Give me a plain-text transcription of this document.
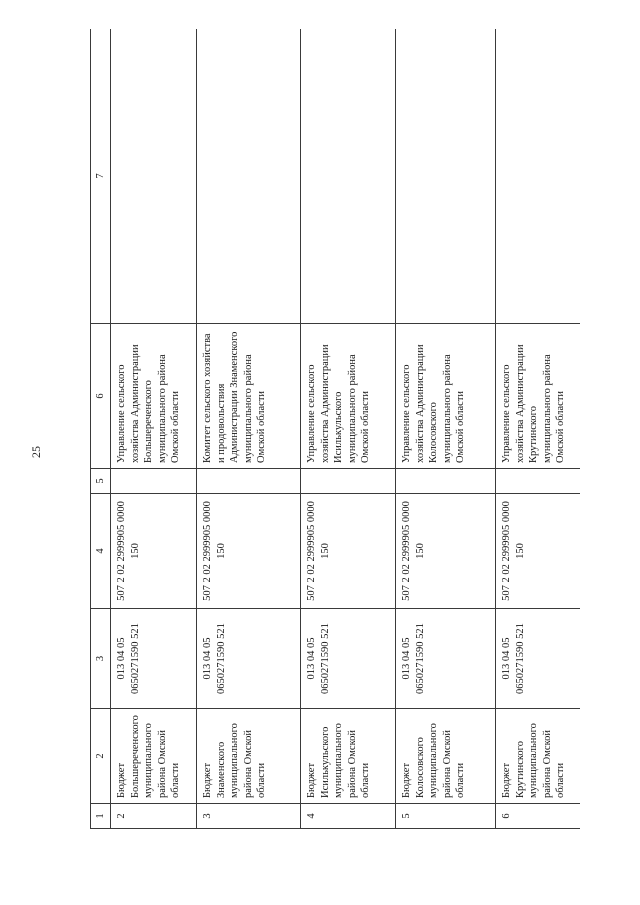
25
1	2	3	4	5	6	7
2	Бюджет Большереченского муниципального района Омской области	013 04 05 0650271590 521	507 2 02 2999905 0000 150		Управление сельского хозяйства Администрации Большереченского муниципального района Омской области	
3	Бюджет Знаменского муниципального района Омской области	013 04 05 0650271590 521	507 2 02 2999905 0000 150		Комитет сельского хозяйства и продовольствия Администрации Знаменского муниципального района Омской области	
4	Бюджет Исилькульского муниципального района Омской области	013 04 05 0650271590 521	507 2 02 2999905 0000 150		Управление сельского хозяйства Администрации Исилькульского муниципального района Омской области	
5	Бюджет Колосовского муниципального района Омской области	013 04 05 0650271590 521	507 2 02 2999905 0000 150		Управление сельского хозяйства Администрации Колосовского муниципального района Омской области	
6	Бюджет Крутинского муниципального района Омской области	013 04 05 0650271590 521	507 2 02 2999905 0000 150		Управление сельского хозяйства Администрации Крутинского муниципального района Омской области	
